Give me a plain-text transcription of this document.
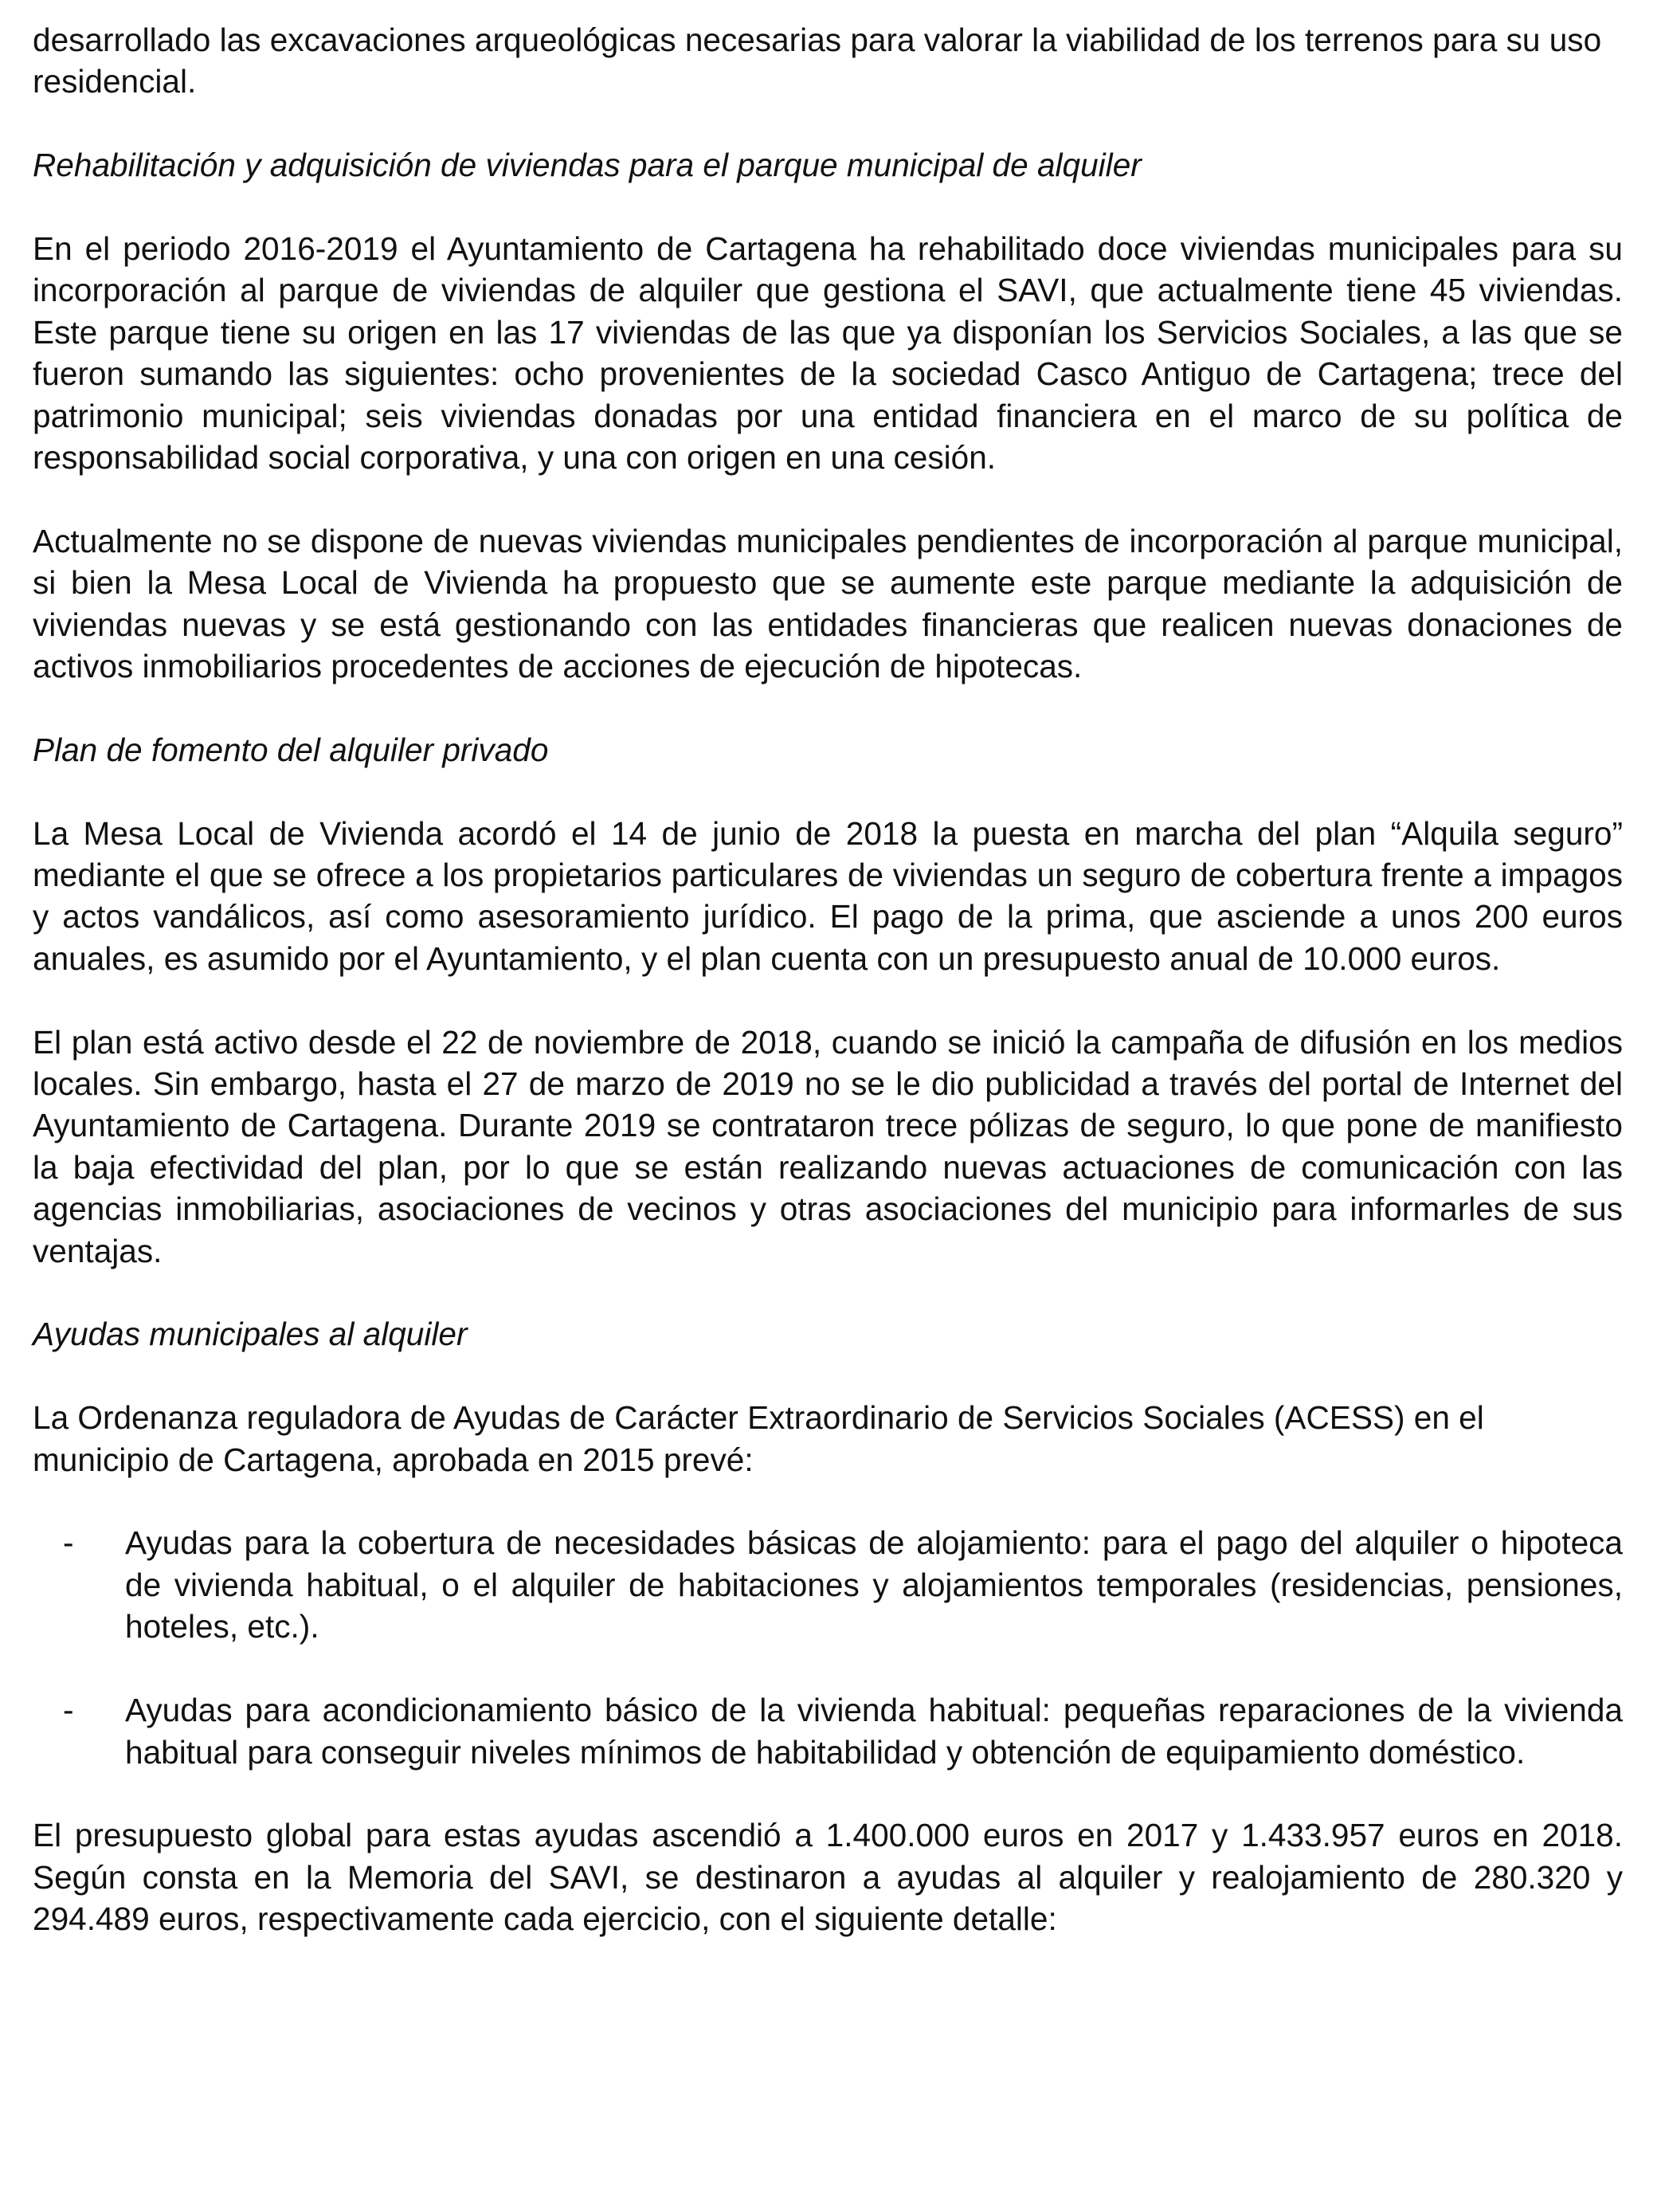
desarrollado las excavaciones arqueológicas necesarias para valorar la viabilidad de los terrenos para su uso residencial.

Rehabilitación y adquisición de viviendas para el parque municipal de alquiler

En el periodo 2016-2019 el Ayuntamiento de Cartagena ha rehabilitado doce viviendas municipales para su incorporación al parque de viviendas de alquiler que gestiona el SAVI, que actualmente tiene 45 viviendas. Este parque tiene su origen en las 17 viviendas de las que ya disponían los Servicios Sociales, a las que se fueron sumando las siguientes: ocho provenientes de la sociedad Casco Antiguo de Cartagena; trece del patrimonio municipal; seis viviendas donadas por una entidad financiera en el marco de su política de responsabilidad social corporativa, y una con origen en una cesión.

Actualmente no se dispone de nuevas viviendas municipales pendientes de incorporación al parque municipal, si bien la Mesa Local de Vivienda ha propuesto que se aumente este parque mediante la adquisición de viviendas nuevas y se está gestionando con las entidades financieras que realicen nuevas donaciones de activos inmobiliarios procedentes de acciones de ejecución de hipotecas.

Plan de fomento del alquiler privado

La Mesa Local de Vivienda acordó el 14 de junio de 2018 la puesta en marcha del plan “Alquila seguro” mediante el que se ofrece a los propietarios particulares de viviendas un seguro de cobertura frente a impagos y actos vandálicos, así como asesoramiento jurídico. El pago de la prima, que asciende a unos 200 euros anuales, es asumido por el Ayuntamiento, y el plan cuenta con un presupuesto anual de 10.000 euros.

El plan está activo desde el 22 de noviembre de 2018, cuando se inició la campaña de difusión en los medios locales. Sin embargo, hasta el 27 de marzo de 2019 no se le dio publicidad a través del portal de Internet del Ayuntamiento de Cartagena. Durante 2019 se contrataron trece pólizas de seguro, lo que pone de manifiesto la baja efectividad del plan, por lo que se están realizando nuevas actuaciones de comunicación con las agencias inmobiliarias, asociaciones de vecinos y otras asociaciones del municipio para informarles de sus ventajas.

Ayudas municipales al alquiler

La Ordenanza reguladora de Ayudas de Carácter Extraordinario de Servicios Sociales (ACESS) en el municipio de Cartagena, aprobada en 2015 prevé:

- Ayudas para la cobertura de necesidades básicas de alojamiento: para el pago del alquiler o hipoteca de vivienda habitual, o el alquiler de habitaciones y alojamientos temporales (residencias, pensiones, hoteles, etc.).
- Ayudas para acondicionamiento básico de la vivienda habitual: pequeñas reparaciones de la vivienda habitual para conseguir niveles mínimos de habitabilidad y obtención de equipamiento doméstico.

El presupuesto global para estas ayudas ascendió a 1.400.000 euros en 2017 y 1.433.957 euros en 2018. Según consta en la Memoria del SAVI, se destinaron a ayudas al alquiler y realojamiento de 280.320 y 294.489 euros, respectivamente cada ejercicio, con el siguiente detalle:
